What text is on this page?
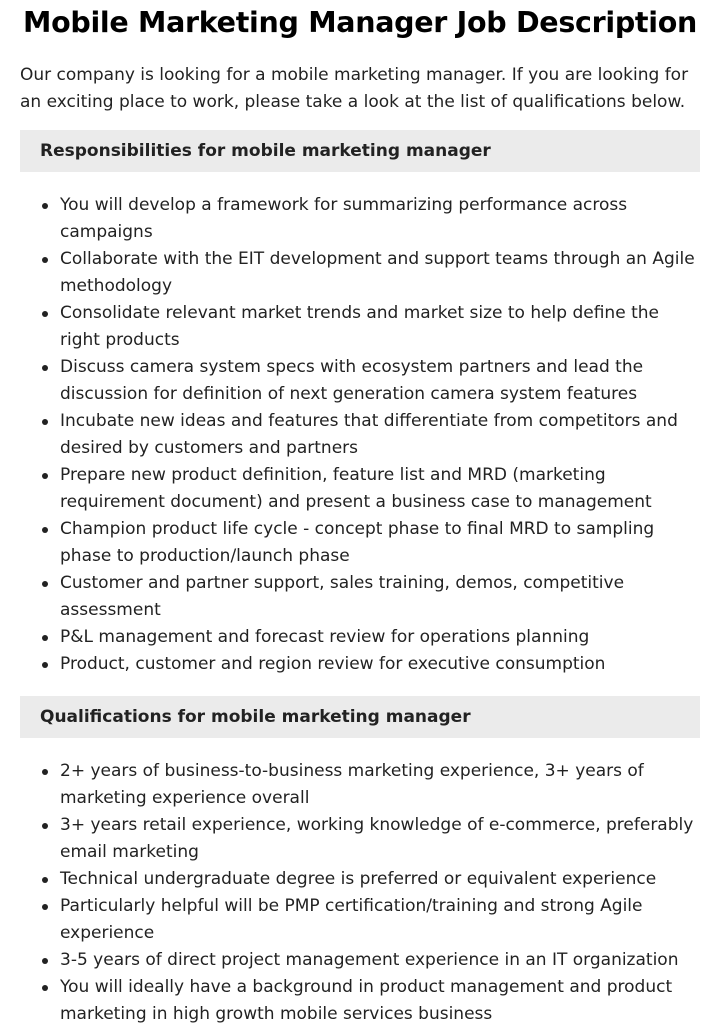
Mobile Marketing Manager Job Description

Our company is looking for a mobile marketing manager. If you are looking for an exciting place to work, please take a look at the list of qualifications below.

Responsibilities for mobile marketing manager
You will develop a framework for summarizing performance across campaigns
Collaborate with the EIT development and support teams through an Agile methodology
Consolidate relevant market trends and market size to help define the right products
Discuss camera system specs with ecosystem partners and lead the discussion for definition of next generation camera system features
Incubate new ideas and features that differentiate from competitors and desired by customers and partners
Prepare new product definition, feature list and MRD (marketing requirement document) and present a business case to management
Champion product life cycle - concept phase to final MRD to sampling phase to production/launch phase
Customer and partner support, sales training, demos, competitive assessment
P&L management and forecast review for operations planning
Product, customer and region review for executive consumption
Qualifications for mobile marketing manager
2+ years of business-to-business marketing experience, 3+ years of marketing experience overall
3+ years retail experience, working knowledge of e-commerce, preferably email marketing
Technical undergraduate degree is preferred or equivalent experience
Particularly helpful will be PMP certification/training and strong Agile experience
3-5 years of direct project management experience in an IT organization
You will ideally have a background in product management and product marketing in high growth mobile services business
